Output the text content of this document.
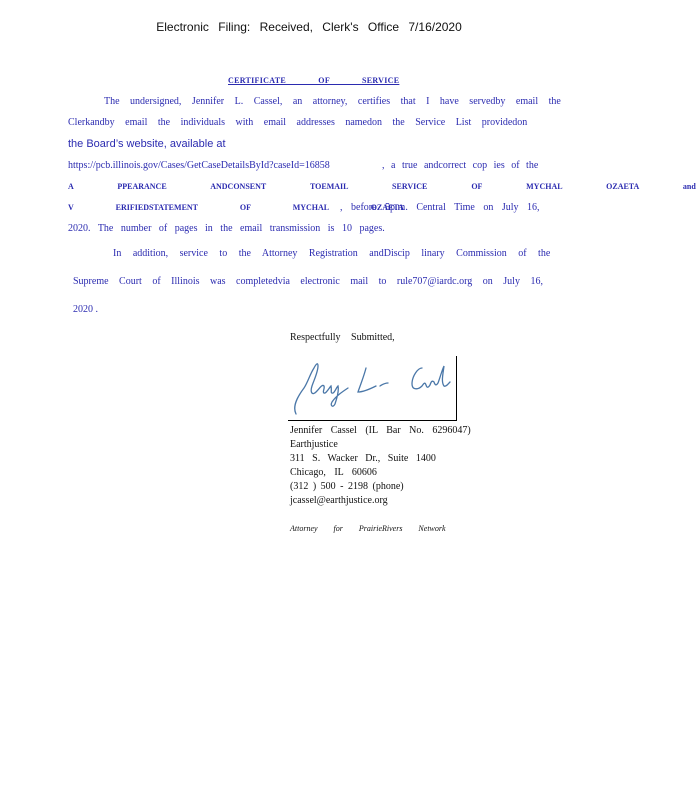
Electronic Filing: Received, Clerk's Office 7/16/2020
CERTIFICATE OF SERVICE
The undersigned, Jennifer L. Cassel, an attorney, certifies that I have servedby email the
Clerkandby email the individuals with email addresses namedon the Service List providedon
the Board’s website, available at
https://pcb.illinois.gov/Cases/GetCaseDetailsById?caseId=16858	, a true andcorrect cop ies of the
A PPEARANCE ANDCONSENT TOEMAIL SERVICE OF MYCHAL OZAETA and
V ERIFIEDSTATEMENT OF MYCHAL OZAETA
, before 5p.m. Central Time on July 16,
2020. The number of pages in the email transmission is 10 pages.
In addition, service to the Attorney Registration andDiscip linary Commission of the
Supreme Court of Illinois was completedvia electronic mail to rule707@iardc.org on July 16,
2020 .
Respectfully Submitted,
Jennifer Cassel (IL Bar No. 6296047)
Earthjustice
311 S. Wacker Dr., Suite 1400
Chicago, IL 60606
(312 ) 500 - 2198 (phone)
jcassel@earthjustice.org
Attorney for PrairieRivers Network
